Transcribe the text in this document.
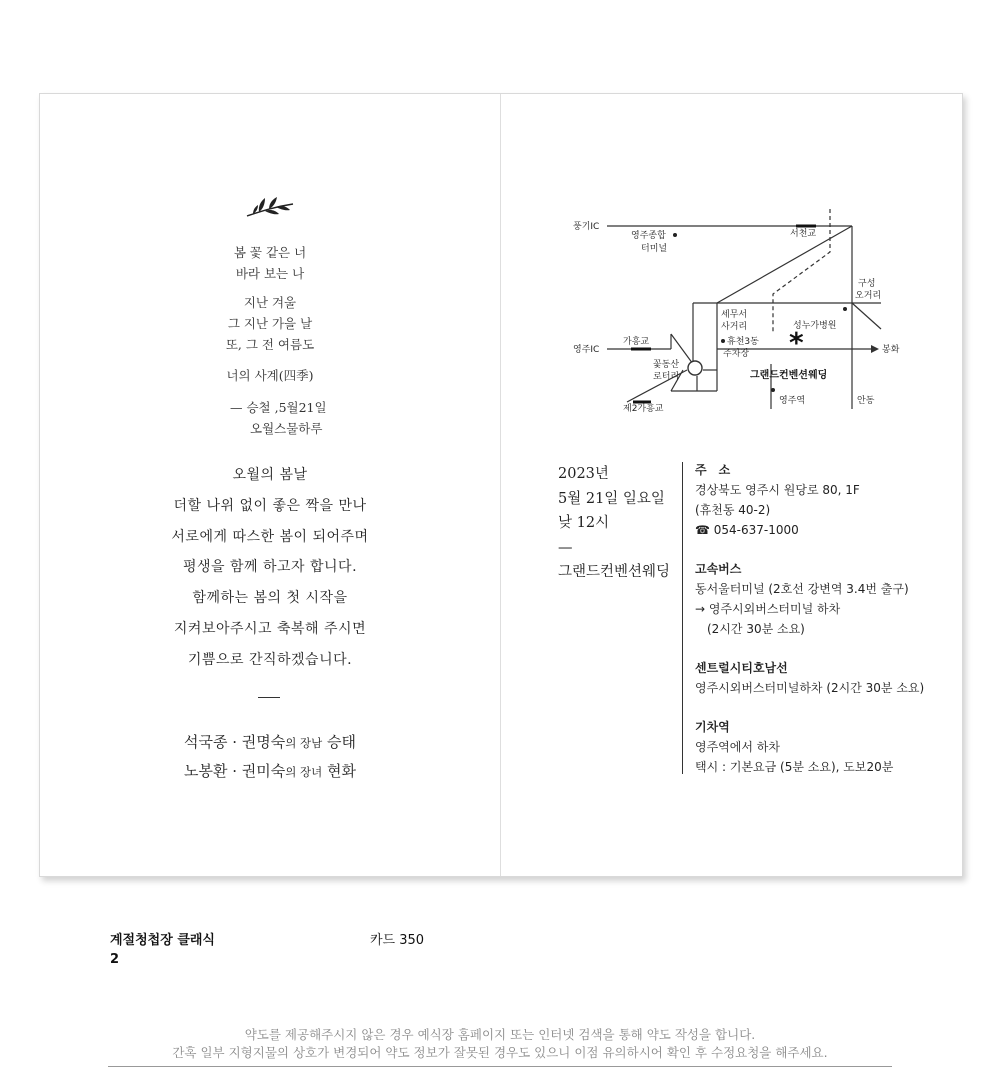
봄 꽃 같은 너
바라 보는 나
지난 겨울
그 지난 가을 날
또, 그 전 여름도
너의 사계(四季)
— 승철 ,5월21일
오월스물하루
오월의 봄날
더할 나위 없이 좋은 짝을 만나
서로에게 따스한 봄이 되어주며
평생을 함께 하고자 합니다.
함께하는 봄의 첫 시작을
지켜보아주시고 축복해 주시면
기쁨으로 간직하겠습니다.
석국종 · 권명숙의 장남 승태
노봉환 · 권미숙의 장녀 현화
*
풍기IC
서천교
영주종합
터미널
구성
오거리
세무서
사거리	성누가병원
영주IC
가흥교
봉화
꽃동산
로터리
휴천3동
주차장
그랜드컨벤션웨딩
제2가흥교
영주역	안동
2023년
5월 21일 일요일
낮 12시
—
그랜드컨벤션웨딩
주　소
경상북도 영주시 원당로 80, 1F
(휴천동 40-2)
☎ 054-637-1000
고속버스
동서울터미널 (2호선 강변역 3.4번 출구)
→ 영주시외버스터미널 하차
　(2시간 30분 소요)
센트럴시티호남선
영주시외버스터미널하차 (2시간 30분 소요)
기차역
영주역에서 하차
택시 : 기본요금 (5분 소요), 도보20분
계절청첩장 클래식	카드 350
2
약도를 제공해주시지 않은 경우 예식장 홈페이지 또는 인터넷 검색을 통해 약도 작성을 합니다.
간혹 일부 지형지물의 상호가 변경되어 약도 정보가 잘못된 경우도 있으니 이점 유의하시어 확인 후 수정요청을 해주세요.
